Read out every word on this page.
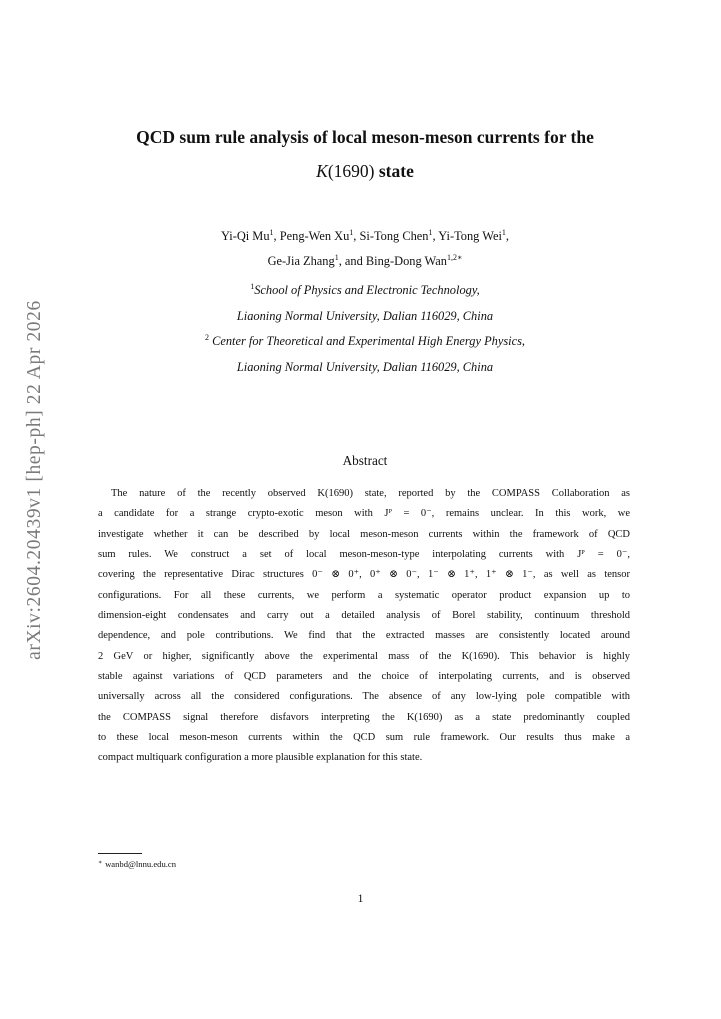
arXiv:2604.20439v1 [hep-ph] 22 Apr 2026
QCD sum rule analysis of local meson-meson currents for the
K(1690) state
Yi-Qi Mu$^1$, Peng-Wen Xu$^1$, Si-Tong Chen$^1$, Yi-Tong Wei$^1$,
Ge-Jia Zhang$^1$, and Bing-Dong Wan$^{1,2∗}$
$^1$School of Physics and Electronic Technology,
Liaoning Normal University, Dalian 116029, China
$^2$ Center for Theoretical and Experimental High Energy Physics,
Liaoning Normal University, Dalian 116029, China
Abstract
The nature of the recently observed K(1690) state, reported by the COMPASS Collaboration as
a candidate for a strange crypto-exotic meson with Jᴾ = 0⁻, remains unclear. In this work, we
investigate whether it can be described by local meson-meson currents within the framework of QCD
sum rules. We construct a set of local meson-meson-type interpolating currents with Jᴾ = 0⁻,
covering the representative Dirac structures 0⁻ ⊗ 0⁺, 0⁺ ⊗ 0⁻, 1⁻ ⊗ 1⁺, 1⁺ ⊗ 1⁻, as well as tensor
configurations. For all these currents, we perform a systematic operator product expansion up to
dimension-eight condensates and carry out a detailed analysis of Borel stability, continuum threshold
dependence, and pole contributions. We find that the extracted masses are consistently located around
2 GeV or higher, significantly above the experimental mass of the K(1690). This behavior is highly
stable against variations of QCD parameters and the choice of interpolating currents, and is observed
universally across all the considered configurations. The absence of any low-lying pole compatible with
the COMPASS signal therefore disfavors interpreting the K(1690) as a state predominantly coupled
to these local meson-meson currents within the QCD sum rule framework. Our results thus make a
compact multiquark configuration a more plausible explanation for this state.
∗ wanbd@lnnu.edu.cn
1
